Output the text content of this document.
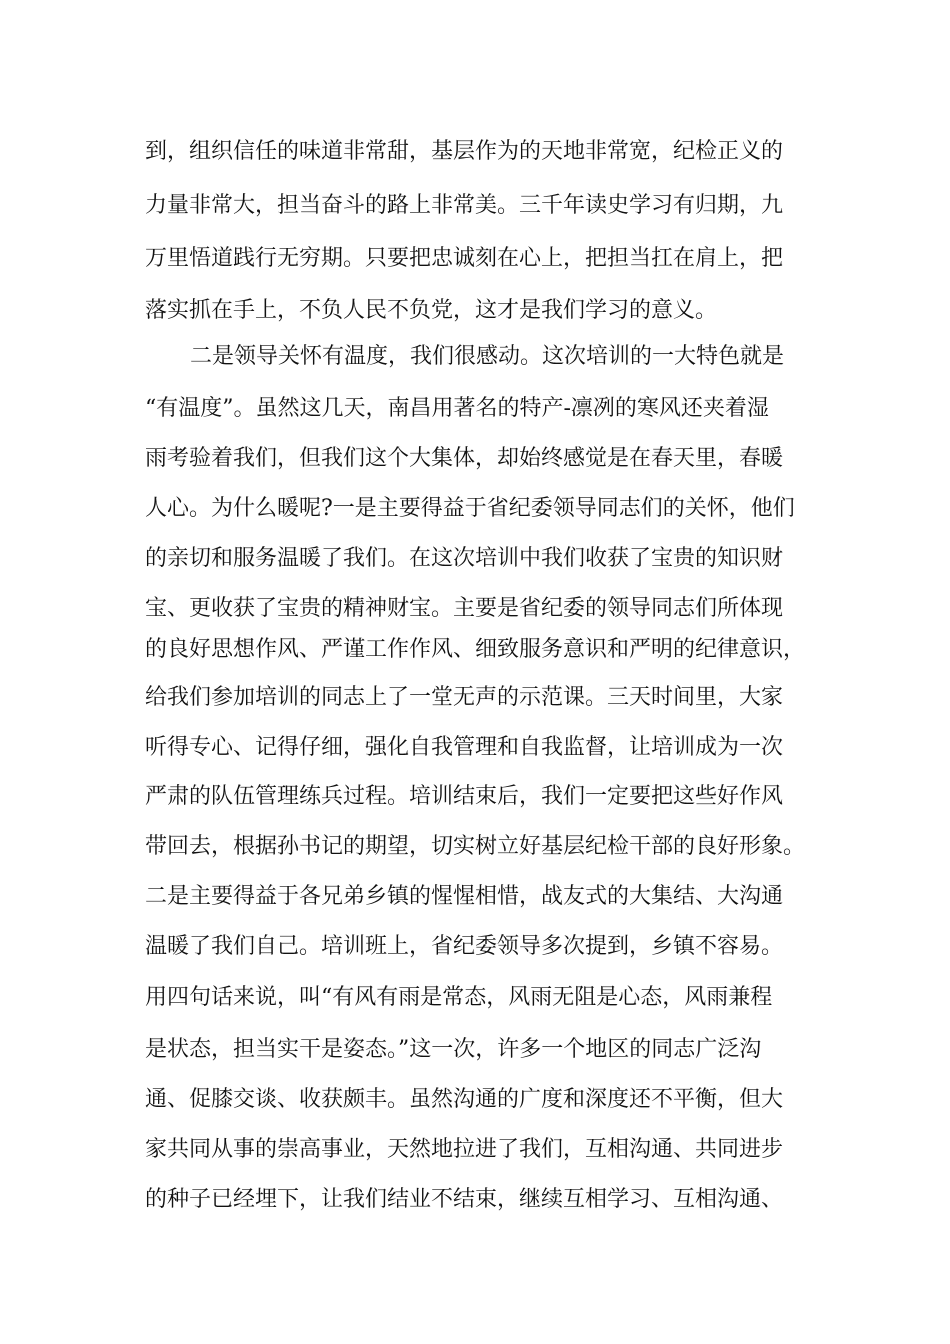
到，组织信任的味道非常甜，基层作为的天地非常宽，纪检正义的
力量非常大，担当奋斗的路上非常美。三千年读史学习有归期，九
万里悟道践行无穷期。只要把忠诚刻在心上，把担当扛在肩上，把
落实抓在手上，不负人民不负党，这才是我们学习的意义。
二是领导关怀有温度，我们很感动。这次培训的一大特色就是
“有温度”。虽然这几天，南昌用著名的特产-凛冽的寒风还夹着湿
雨考验着我们，但我们这个大集体，却始终感觉是在春天里，春暖
人心。为什么暖呢?一是主要得益于省纪委领导同志们的关怀，他们
的亲切和服务温暖了我们。在这次培训中我们收获了宝贵的知识财
宝、更收获了宝贵的精神财宝。主要是省纪委的领导同志们所体现
的良好思想作风、严谨工作作风、细致服务意识和严明的纪律意识，
给我们参加培训的同志上了一堂无声的示范课。三天时间里，大家
听得专心、记得仔细，强化自我管理和自我监督，让培训成为一次
严肃的队伍管理练兵过程。培训结束后，我们一定要把这些好作风
带回去，根据孙书记的期望，切实树立好基层纪检干部的良好形象。
二是主要得益于各兄弟乡镇的惺惺相惜，战友式的大集结、大沟通
温暖了我们自己。培训班上，省纪委领导多次提到，乡镇不容易。
用四句话来说，叫“有风有雨是常态，风雨无阻是心态，风雨兼程
是状态，担当实干是姿态。”这一次，许多一个地区的同志广泛沟
通、促膝交谈、收获颇丰。虽然沟通的广度和深度还不平衡，但大
家共同从事的崇高事业，天然地拉进了我们，互相沟通、共同进步
的种子已经埋下，让我们结业不结束，继续互相学习、互相沟通、
